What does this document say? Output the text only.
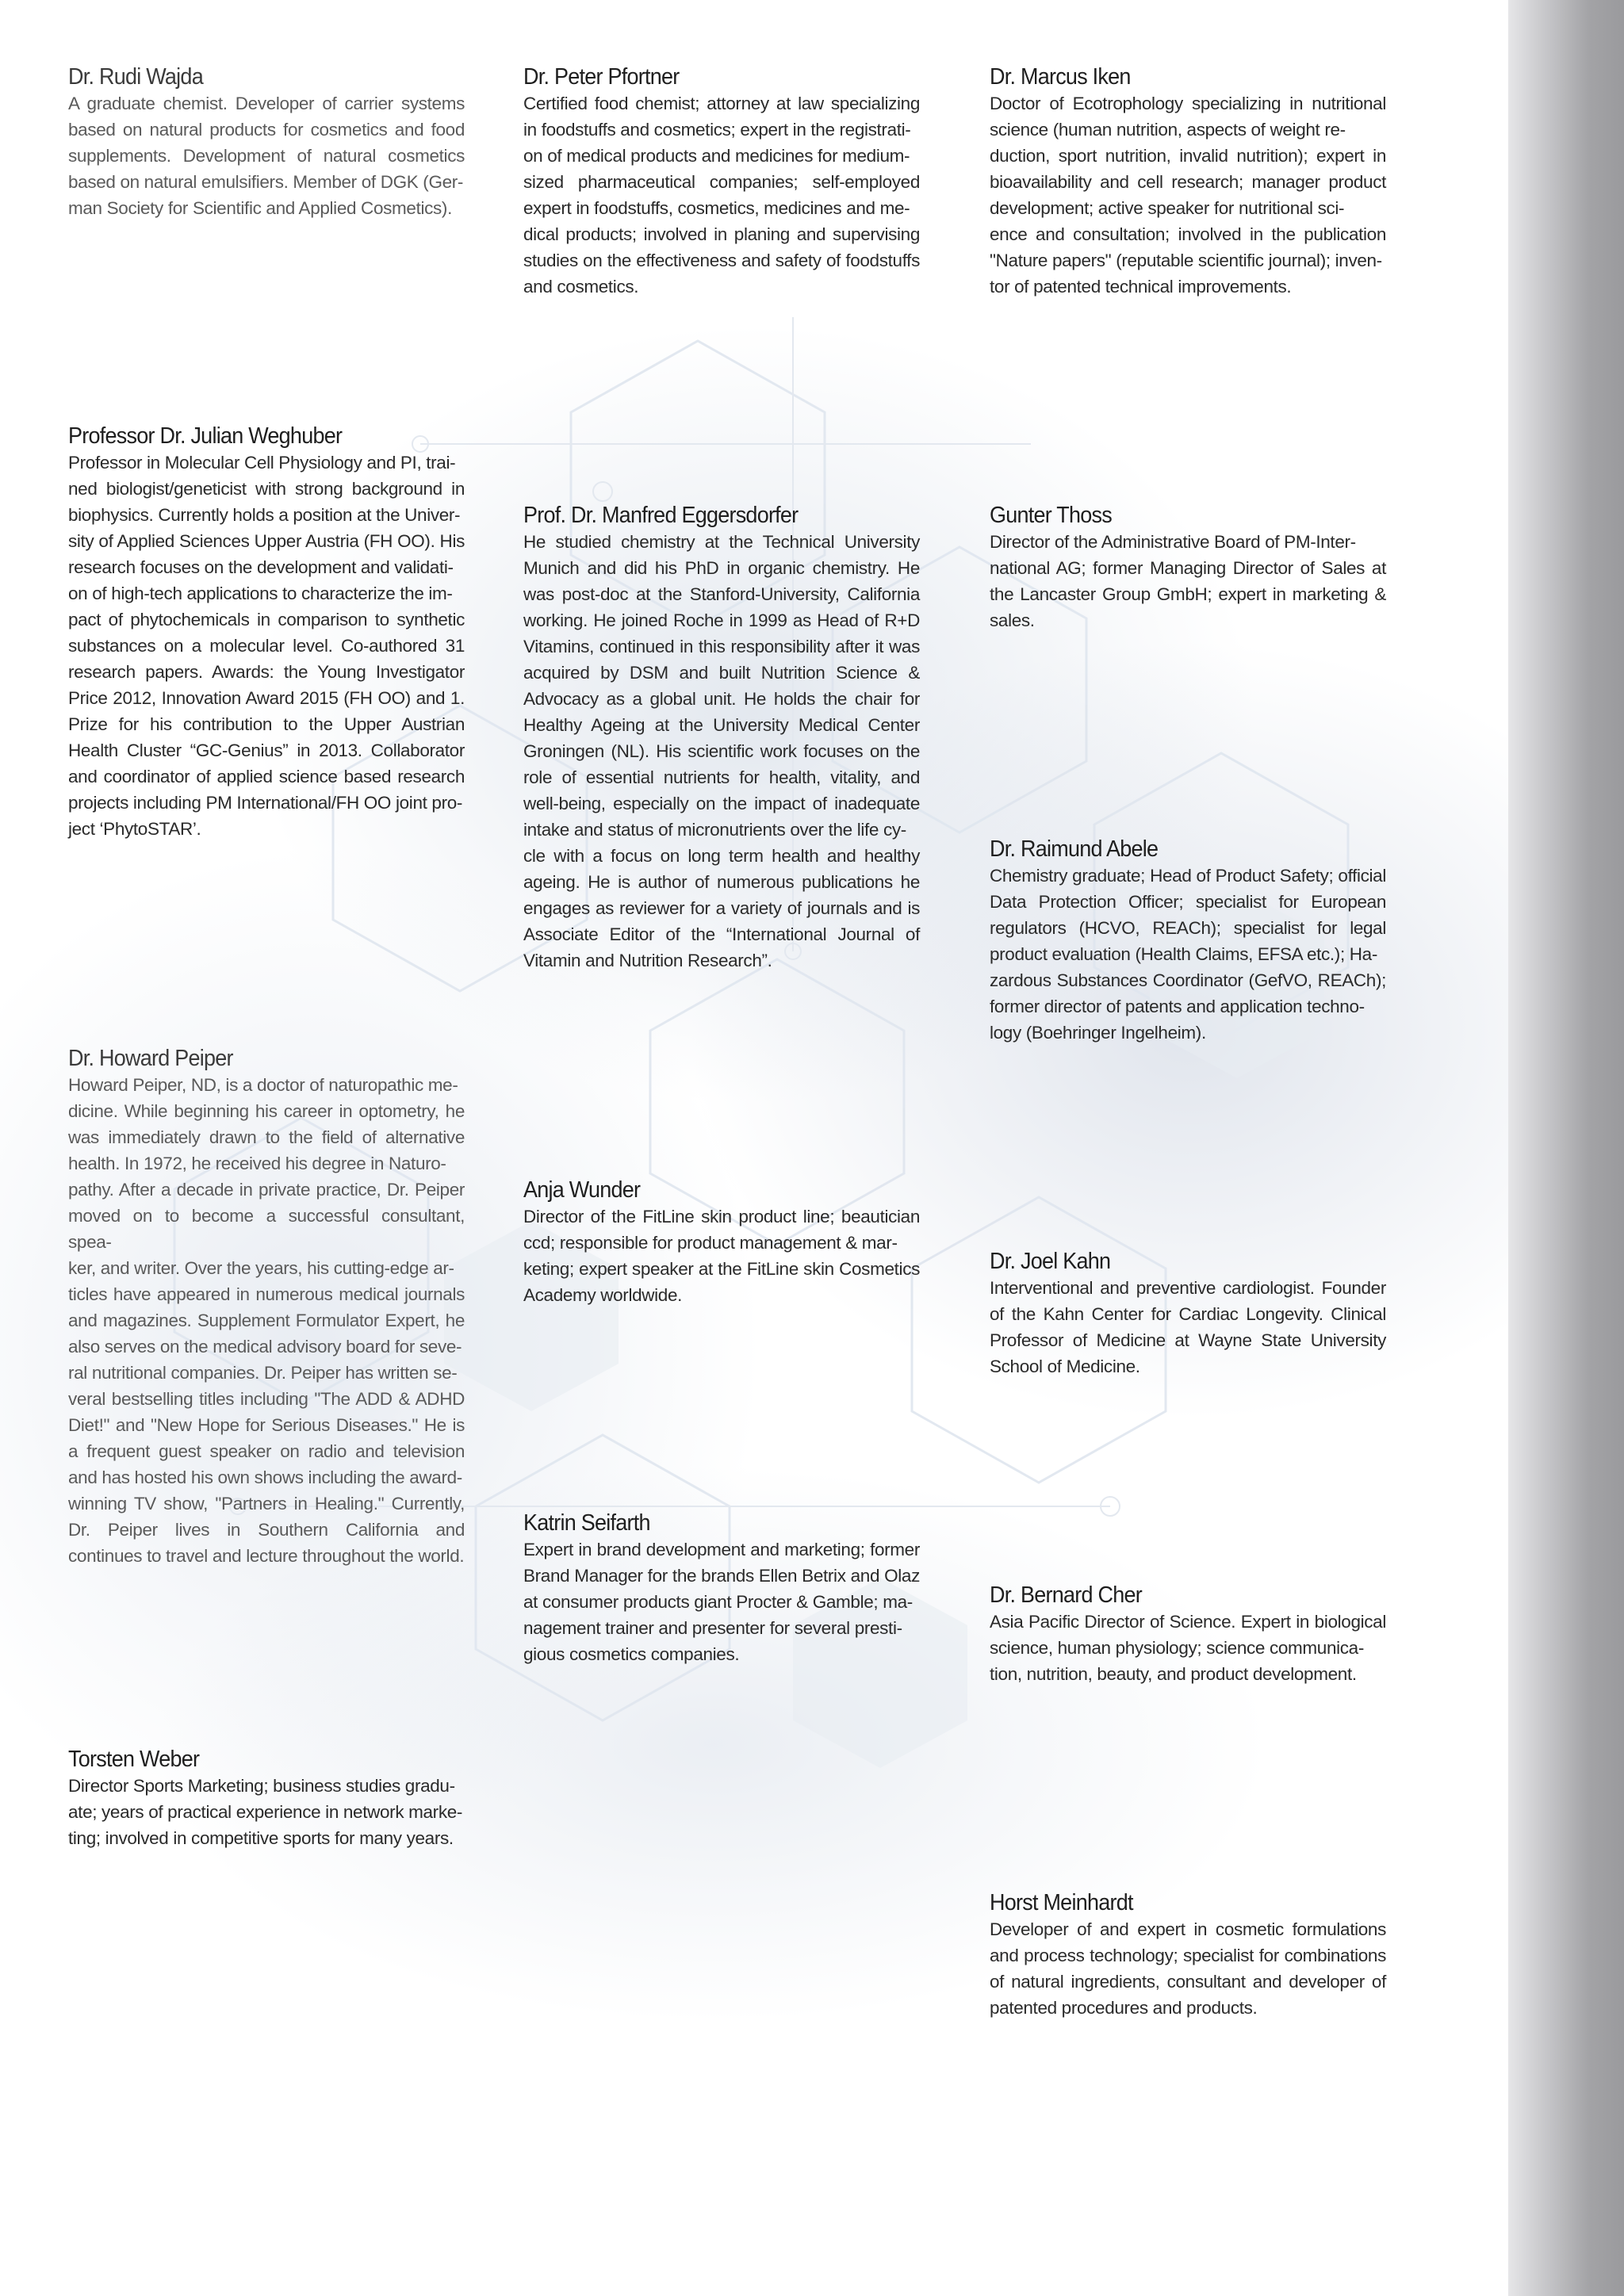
Dr. Rudi Wajda

A graduate chemist. Developer of carrier systems based on natural products for cosmetics and food supplements. Development of natural cosmetics based on natural emulsifiers. Member of DGK (Ger-
man Society for Scientific and Applied Cosmetics).

Professor Dr. Julian Weghuber

Professor in Molecular Cell Physiology and PI, trai-
ned biologist/geneticist with strong background in biophysics. Currently holds a position at the Univer-
sity of Applied Sciences Upper Austria (FH OO). His research focuses on the development and validati-
on of high-tech applications to characterize the im-
pact of phytochemicals in comparison to synthetic substances on a molecular level. Co-authored 31 research papers. Awards: the Young Investigator Price 2012, Innovation Award 2015 (FH OO) and 1. Prize for his contribution to the Upper Austrian Health Cluster “GC-Genius” in 2013. Collaborator and coordinator of applied science based research projects including PM International/FH OO joint pro-
ject ‘PhytoSTAR’.

Dr. Howard Peiper

Howard Peiper, ND, is a doctor of naturopathic me-
dicine. While beginning his career in optometry, he was immediately drawn to the field of alternative health. In 1972, he received his degree in Naturo-
pathy. After a decade in private practice, Dr. Peiper moved on to become a successful consultant, spea-
ker, and writer. Over the years, his cutting-edge ar-
ticles have appeared in numerous medical journals and magazines. Supplement Formulator Expert, he also serves on the medical advisory board for seve-
ral nutritional companies. Dr. Peiper has written se-
veral bestselling titles including "The ADD & ADHD Diet!" and "New Hope for Serious Diseases." He is a frequent guest speaker on radio and television and has hosted his own shows including the award-
winning TV show, "Partners in Healing." Currently, Dr. Peiper lives in Southern California and continues to travel and lecture throughout the world.

Torsten Weber

Director Sports Marketing; business studies gradu-
ate; years of practical experience in network marke-
ting; involved in competitive sports for many years.

Dr. Peter Pfortner

Certified food chemist; attorney at law specializing in foodstuffs and cosmetics; expert in the registrati-
on of medical products and medicines for medium-
sized pharmaceutical companies; self-employed expert in foodstuffs, cosmetics, medicines and me-
dical products; involved in planing and supervising studies on the effectiveness and safety of foodstuffs and cosmetics.

Prof. Dr. Manfred Eggersdorfer

He studied chemistry at the Technical University Munich and did his PhD in organic chemistry. He was post-doc at the Stanford-University, California working. He joined Roche in 1999 as Head of R+D Vitamins, continued in this responsibility after it was acquired by DSM and built Nutrition Science & Advocacy as a global unit. He holds the chair for Healthy Ageing at the University Medical Center Groningen (NL). His scientific work focuses on the role of essential nutrients for health, vitality, and well-being, especially on the impact of inadequate intake and status of micronutrients over the life cy-
cle with a focus on long term health and healthy ageing. He is author of numerous publications he engages as reviewer for a variety of journals and is Associate Editor of the “International Journal of Vitamin and Nutrition Research”.

Anja Wunder

Director of the FitLine skin product line; beautician ccd; responsible for product management & mar-
keting; expert speaker at the FitLine skin Cosmetics Academy worldwide.

Katrin Seifarth

Expert in brand development and marketing; former Brand Manager for the brands Ellen Betrix and Olaz at consumer products giant Procter & Gamble; ma-
nagement trainer and presenter for several presti-
gious cosmetics companies.

Dr. Marcus Iken

Doctor of Ecotrophology specializing in nutritional science (human nutrition, aspects of weight re-
duction, sport nutrition, invalid nutrition); expert in bioavailability and cell research; manager product development; active speaker for nutritional sci-
ence and consultation; involved in the publication "Nature papers" (reputable scientific journal); inven-
tor of patented technical improvements.

Gunter Thoss

Director of the Administrative Board of PM-Inter-
national AG; former Managing Director of Sales at the Lancaster Group GmbH; expert in marketing & sales.

Dr. Raimund Abele

Chemistry graduate; Head of Product Safety; official Data Protection Officer; specialist for European regulators (HCVO, REACh); specialist for legal product evaluation (Health Claims, EFSA etc.); Ha-
zardous Substances Coordinator (GefVO, REACh); former director of patents and application techno-
logy (Boehringer Ingelheim).

Dr. Joel Kahn

Interventional and preventive cardiologist. Founder of the Kahn Center for Cardiac Longevity. Clinical Professor of Medicine at Wayne State University School of Medicine.

Dr. Bernard Cher

Asia Pacific Director of Science. Expert in biological science, human physiology; science communica-
tion, nutrition, beauty, and product development.

Horst Meinhardt

Developer of and expert in cosmetic formulations and process technology; specialist for combinations of natural ingredients, consultant and developer of patented procedures and products.
